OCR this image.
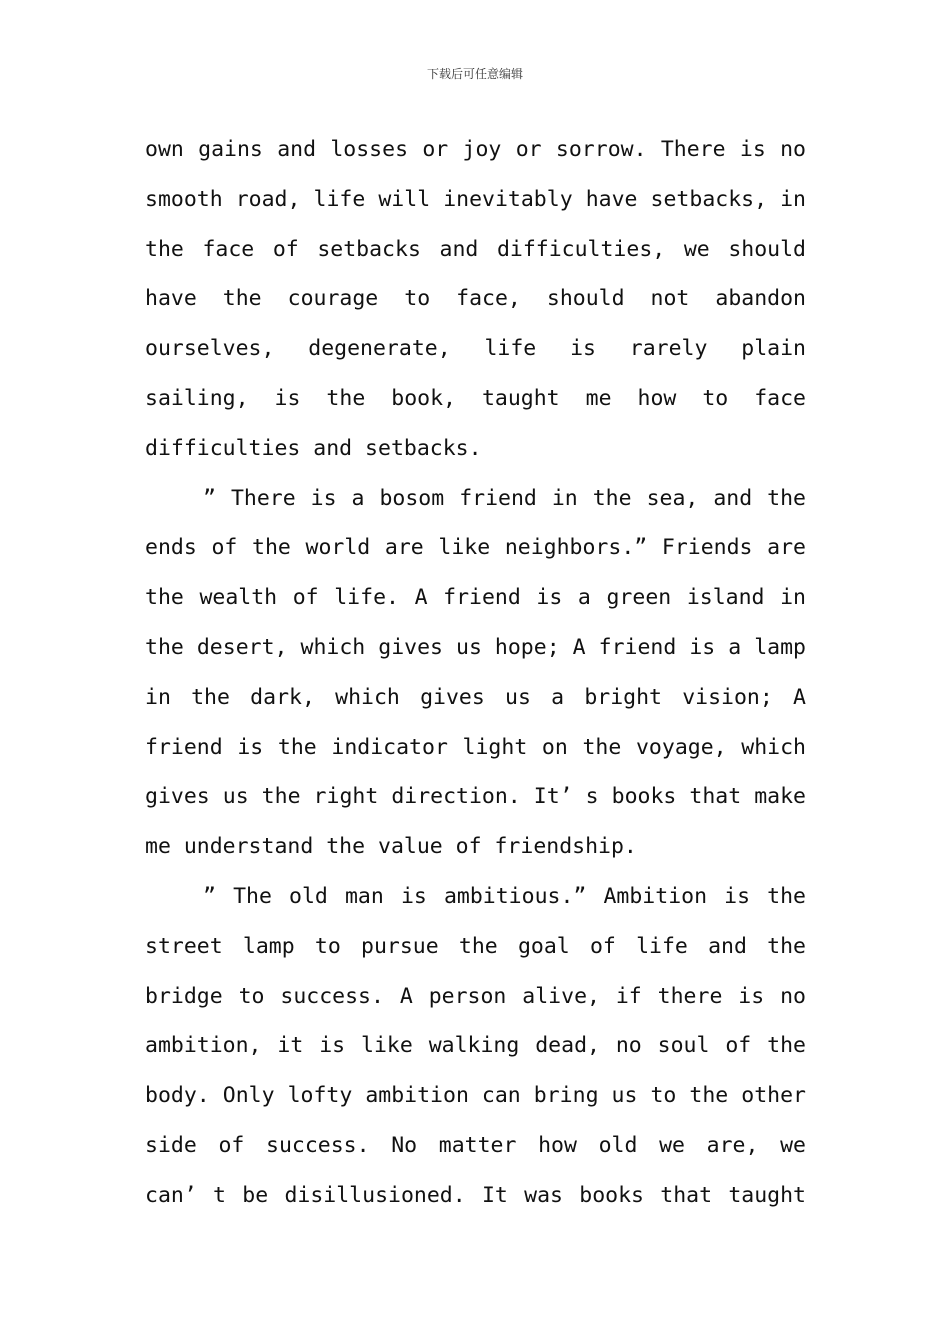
下载后可任意编辑
own gains and losses or joy or sorrow. There is no
smooth road, life will inevitably have setbacks, in
the face of setbacks and difficulties, we should
have the courage to face, should not abandon
ourselves, degenerate, life is rarely plain
sailing, is the book, taught me how to face
difficulties and setbacks.
” There is a bosom friend in the sea, and the
ends of the world are like neighbors.” Friends are
the wealth of life. A friend is a green island in
the desert, which gives us hope; A friend is a lamp
in the dark, which gives us a bright vision; A
friend is the indicator light on the voyage, which
gives us the right direction. It’ s books that make
me understand the value of friendship.
” The old man is ambitious.” Ambition is the
street lamp to pursue the goal of life and the
bridge to success. A person alive, if there is no
ambition, it is like walking dead, no soul of the
body. Only lofty ambition can bring us to the other
side of success. No matter how old we are, we
can’ t be disillusioned. It was books that taught
